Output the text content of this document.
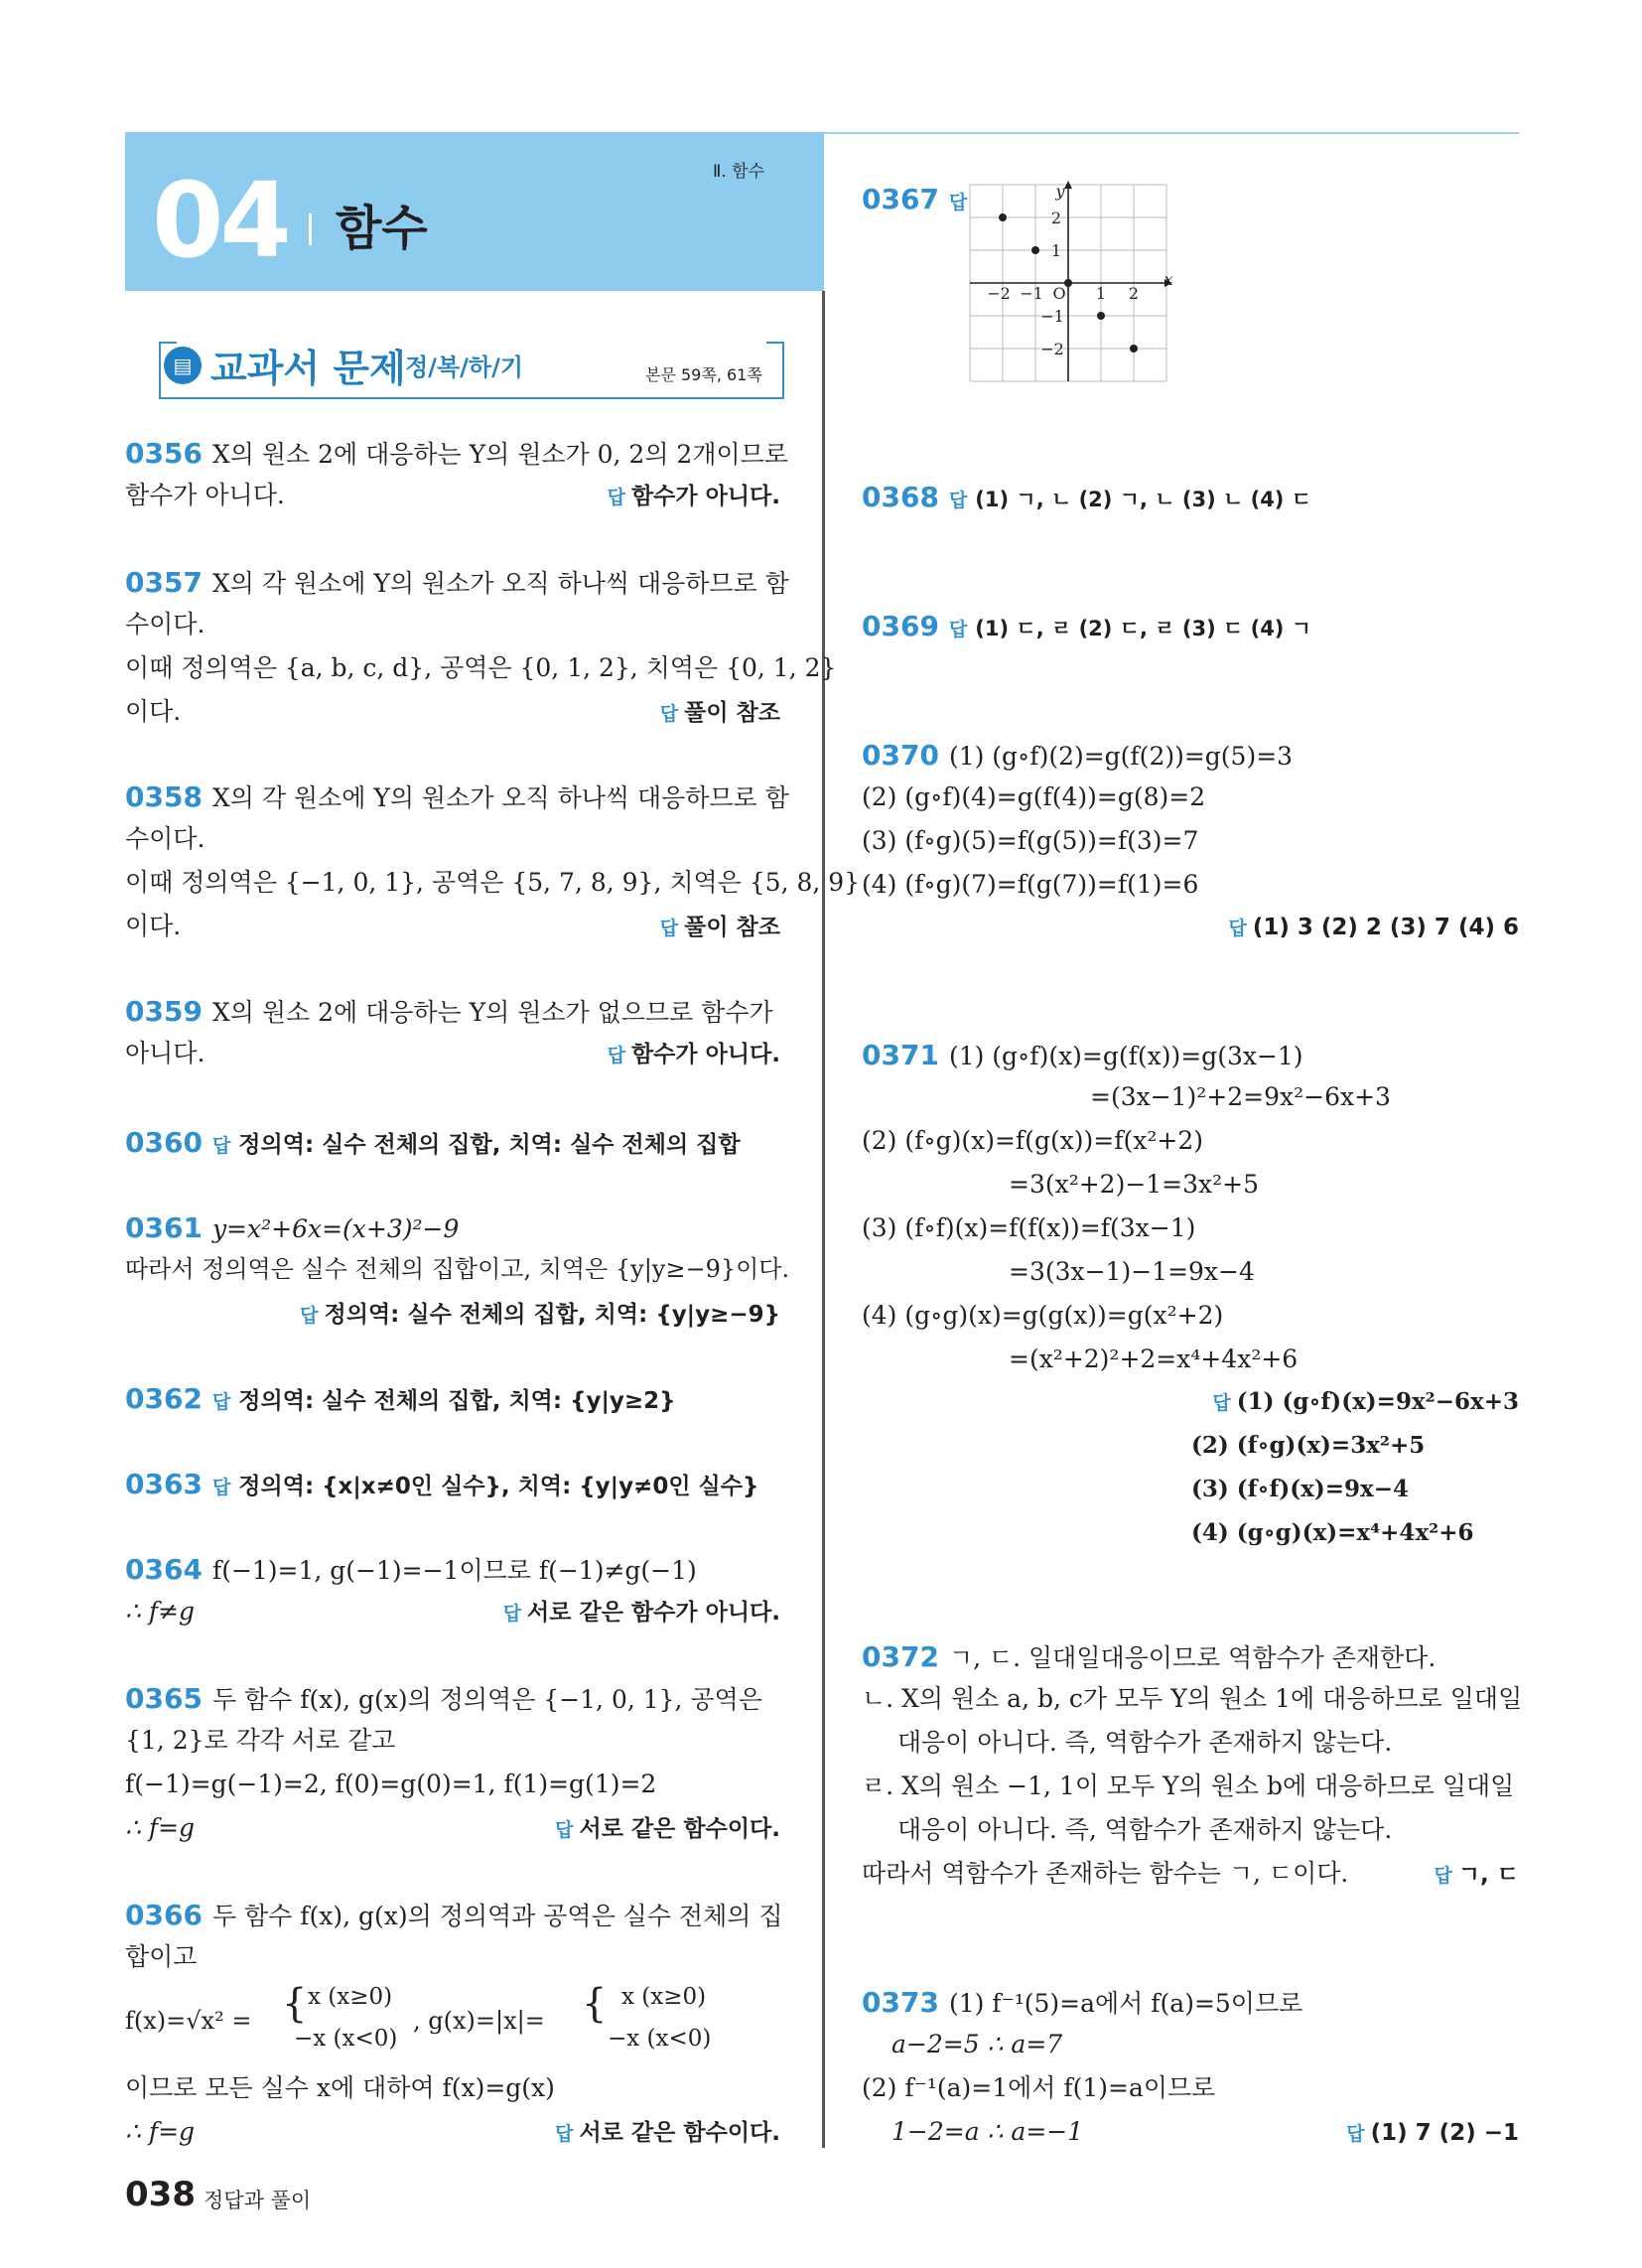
04 함수
Ⅱ. 함수
▤ 교과서 문제 정/복/하/기	본문 59쪽, 61쪽
0356 X의 원소 2에 대응하는 Y의 원소가 0, 2의 2개이므로
함수가 아니다.	답 함수가 아니다.
0357 X의 각 원소에 Y의 원소가 오직 하나씩 대응하므로 함
수이다.
이때 정의역은 {a, b, c, d}, 공역은 {0, 1, 2}, 치역은 {0, 1, 2}
이다.	답 풀이 참조
0358 X의 각 원소에 Y의 원소가 오직 하나씩 대응하므로 함
수이다.
이때 정의역은 {−1, 0, 1}, 공역은 {5, 7, 8, 9}, 치역은 {5, 8, 9}
이다.	답 풀이 참조
0359 X의 원소 2에 대응하는 Y의 원소가 없으므로 함수가
아니다.	답 함수가 아니다.
0360 답 정의역: 실수 전체의 집합, 치역: 실수 전체의 집합
0361 y=x²+6x=(x+3)²−9
따라서 정의역은 실수 전체의 집합이고, 치역은 {y|y≥−9}이다.
답 정의역: 실수 전체의 집합, 치역: {y|y≥−9}
0362 답 정의역: 실수 전체의 집합, 치역: {y|y≥2}
0363 답 정의역: {x|x≠0인 실수}, 치역: {y|y≠0인 실수}
0364 f(−1)=1, g(−1)=−1이므로 f(−1)≠g(−1)
∴ f≠g	답 서로 같은 함수가 아니다.
0365 두 함수 f(x), g(x)의 정의역은 {−1, 0, 1}, 공역은
{1, 2}로 각각 서로 같고
f(−1)=g(−1)=2, f(0)=g(0)=1, f(1)=g(1)=2
∴ f=g	답 서로 같은 함수이다.
0366 두 함수 f(x), g(x)의 정의역과 공역은 실수 전체의 집
합이고
f(x)=√x² = { x (x≥0)
−x (x<0)
, g(x)=|x|= { x (x≥0)
−x (x<0)
이므로 모든 실수 x에 대하여 f(x)=g(x)
∴ f=g	답 서로 같은 함수이다.
0367 답
−2 −1	1 2
2
1
−1
−2
O
x
y
0368 답 (1) ㄱ, ㄴ (2) ㄱ, ㄴ (3) ㄴ (4) ㄷ
0369 답 (1) ㄷ, ㄹ (2) ㄷ, ㄹ (3) ㄷ (4) ㄱ
0370 (1) (g∘f)(2)=g(f(2))=g(5)=3
(2) (g∘f)(4)=g(f(4))=g(8)=2
(3) (f∘g)(5)=f(g(5))=f(3)=7
(4) (f∘g)(7)=f(g(7))=f(1)=6
답 (1) 3 (2) 2 (3) 7 (4) 6
0371 (1) (g∘f)(x)=g(f(x))=g(3x−1)
=(3x−1)²+2=9x²−6x+3
(2) (f∘g)(x)=f(g(x))=f(x²+2)
=3(x²+2)−1=3x²+5
(3) (f∘f)(x)=f(f(x))=f(3x−1)
=3(3x−1)−1=9x−4
(4) (g∘g)(x)=g(g(x))=g(x²+2)
=(x²+2)²+2=x⁴+4x²+6
답 (1) (g∘f)(x)=9x²−6x+3
(2) (f∘g)(x)=3x²+5
(3) (f∘f)(x)=9x−4
(4) (g∘g)(x)=x⁴+4x²+6
0372 ㄱ, ㄷ. 일대일대응이므로 역함수가 존재한다.
ㄴ. X의 원소 a, b, c가 모두 Y의 원소 1에 대응하므로 일대일
대응이 아니다. 즉, 역함수가 존재하지 않는다.
ㄹ. X의 원소 −1, 1이 모두 Y의 원소 b에 대응하므로 일대일
대응이 아니다. 즉, 역함수가 존재하지 않는다.
따라서 역함수가 존재하는 함수는 ㄱ, ㄷ이다.	답 ㄱ, ㄷ
0373 (1) f⁻¹(5)=a에서 f(a)=5이므로
a−2=5 ∴ a=7
(2) f⁻¹(a)=1에서 f(1)=a이므로
1−2=a ∴ a=−1	답 (1) 7 (2) −1
038 정답과 풀이
